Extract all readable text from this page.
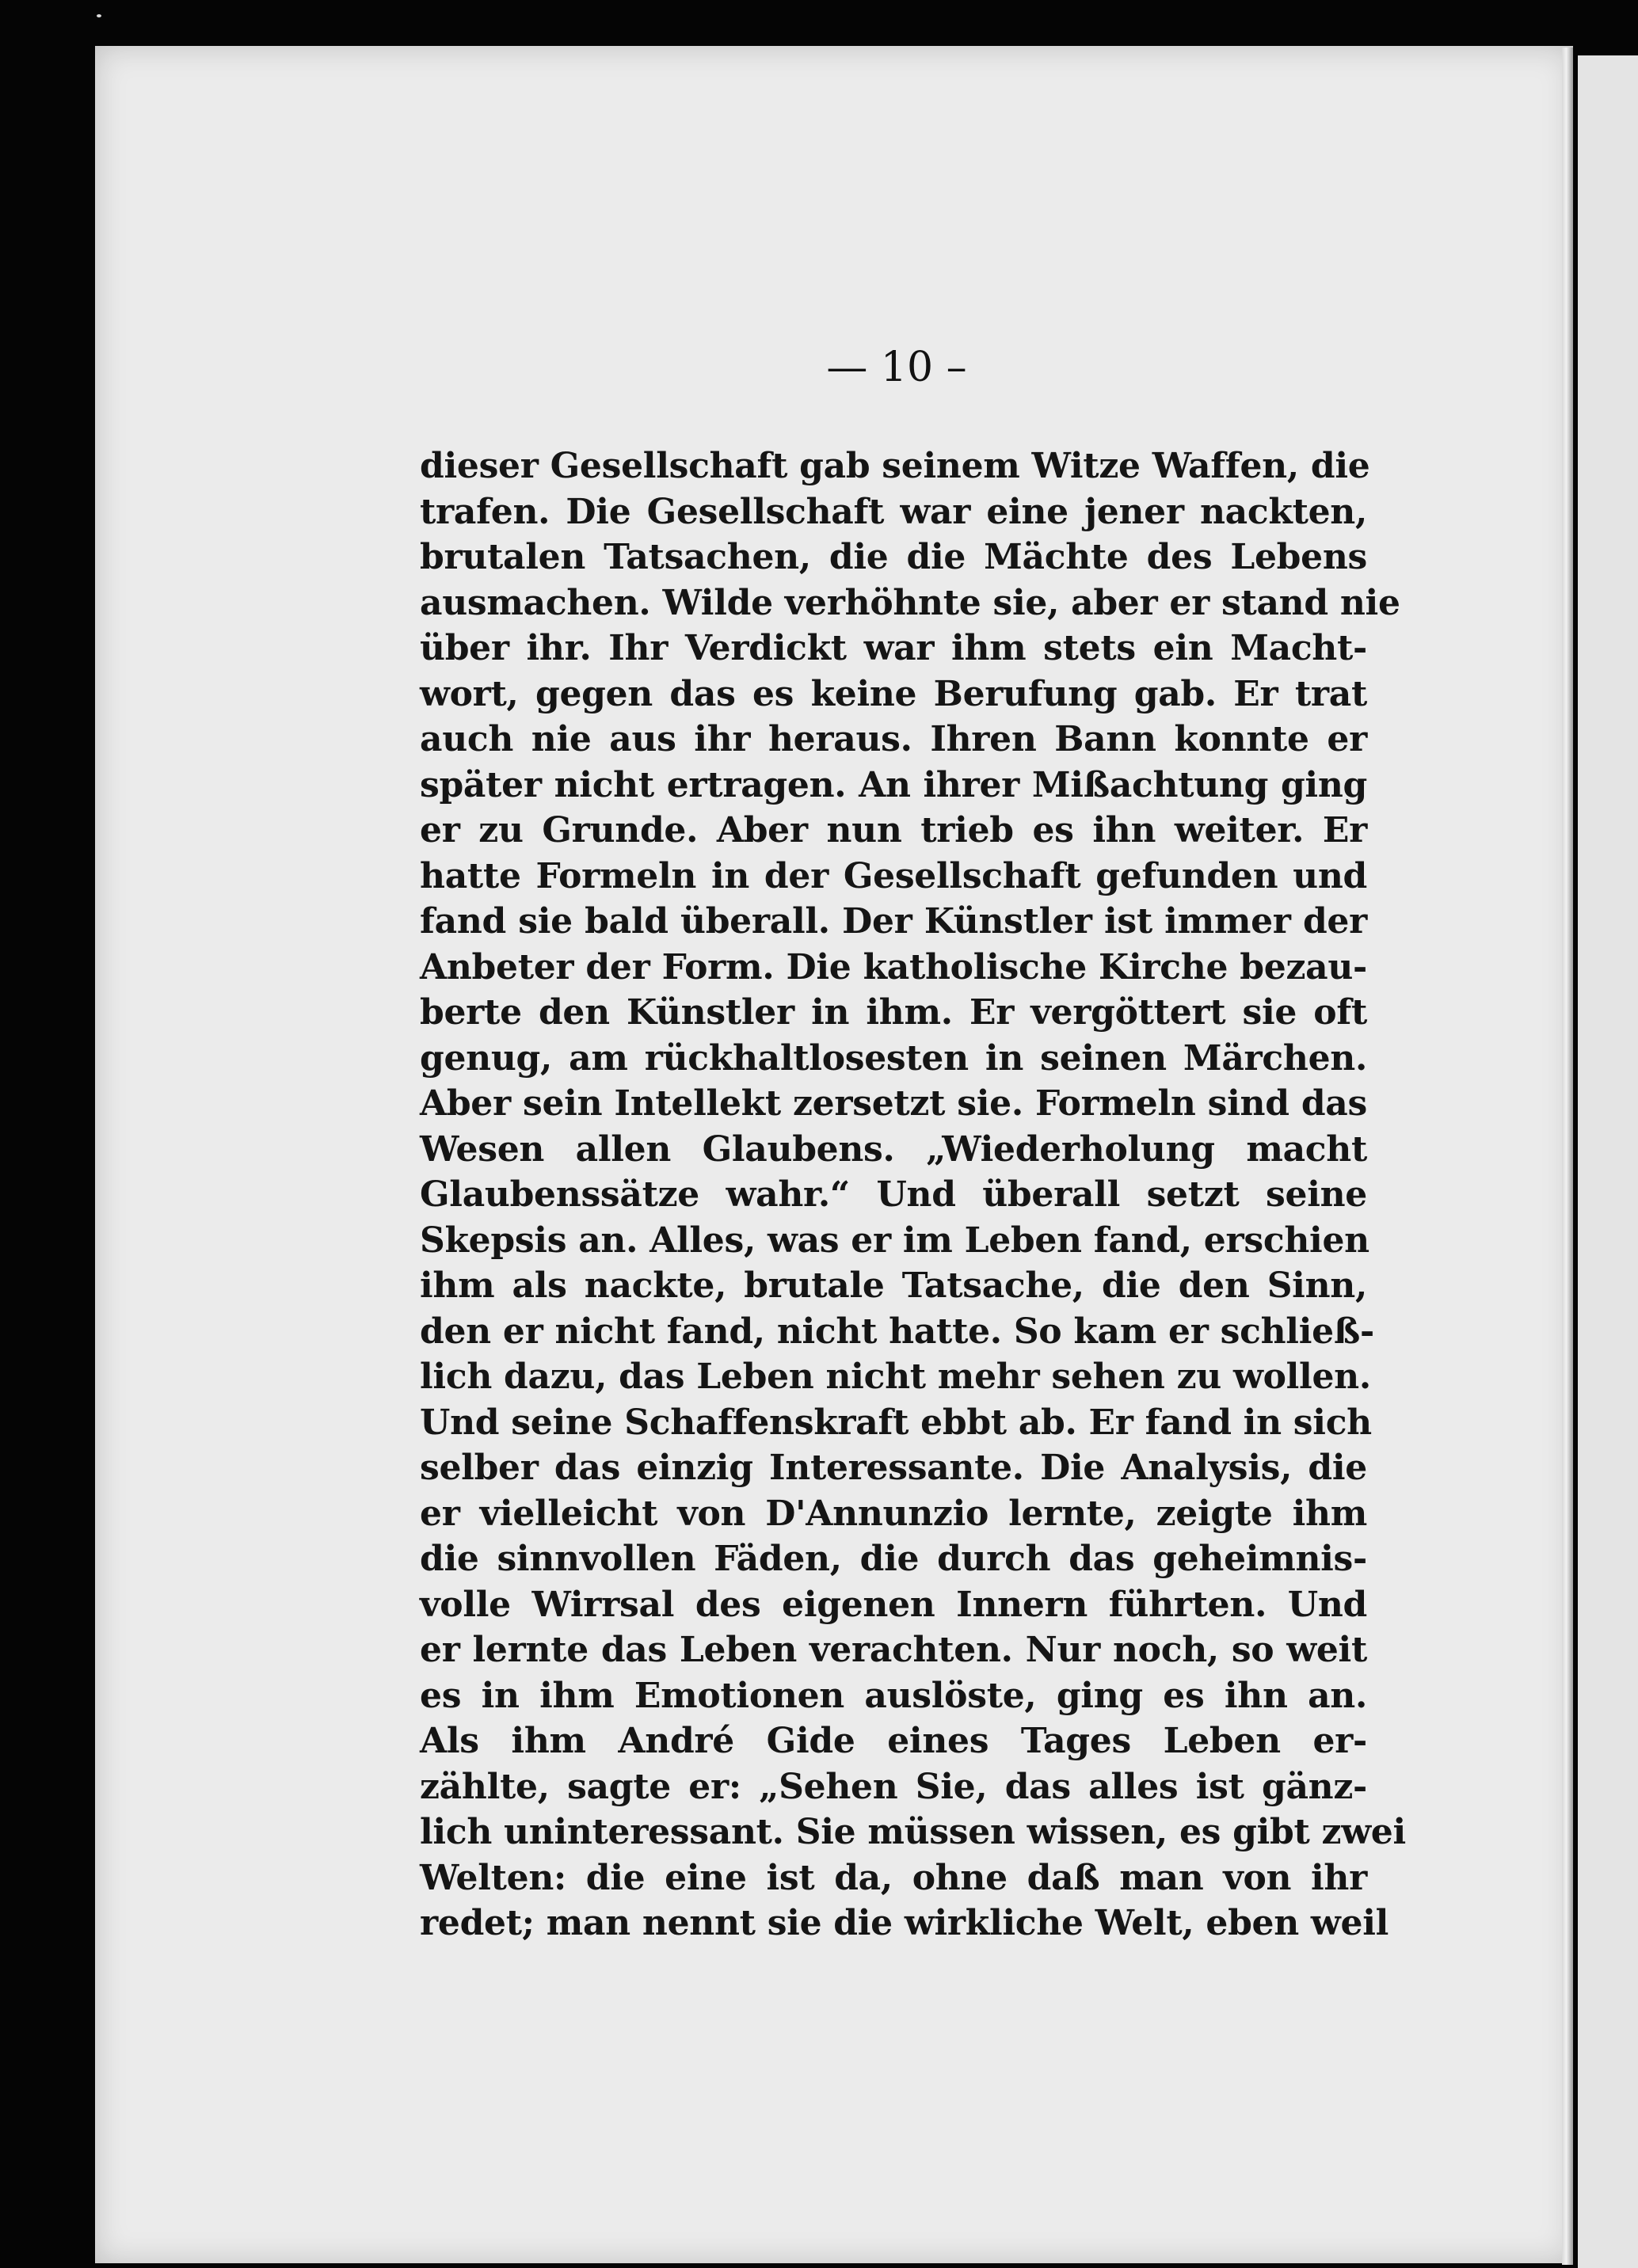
— 10 –

dieser Gesellschaft gab seinem Witze Waffen, die
trafen. Die Gesellschaft war eine jener nackten,
brutalen Tatsachen, die die Mächte des Lebens
ausmachen. Wilde verhöhnte sie, aber er stand nie
über ihr. Ihr Verdickt war ihm stets ein Macht-
wort, gegen das es keine Berufung gab. Er trat
auch nie aus ihr heraus. Ihren Bann konnte er
später nicht ertragen. An ihrer Mißachtung ging
er zu Grunde. Aber nun trieb es ihn weiter. Er
hatte Formeln in der Gesellschaft gefunden und
fand sie bald überall. Der Künstler ist immer der
Anbeter der Form. Die katholische Kirche bezau-
berte den Künstler in ihm. Er vergöttert sie oft
genug, am rückhaltlosesten in seinen Märchen.
Aber sein Intellekt zersetzt sie. Formeln sind das
Wesen allen Glaubens. „Wiederholung macht
Glaubenssätze wahr.“ Und überall setzt seine
Skepsis an. Alles, was er im Leben fand, erschien
ihm als nackte, brutale Tatsache, die den Sinn,
den er nicht fand, nicht hatte. So kam er schließ-
lich dazu, das Leben nicht mehr sehen zu wollen.
Und seine Schaffenskraft ebbt ab. Er fand in sich
selber das einzig Interessante. Die Analysis, die
er vielleicht von D'Annunzio lernte, zeigte ihm
die sinnvollen Fäden, die durch das geheimnis-
volle Wirrsal des eigenen Innern führten. Und
er lernte das Leben verachten. Nur noch, so weit
es in ihm Emotionen auslöste, ging es ihn an.
Als ihm André Gide eines Tages Leben er-
zählte, sagte er: „Sehen Sie, das alles ist gänz-
lich uninteressant. Sie müssen wissen, es gibt zwei
Welten: die eine ist da, ohne daß man von ihr
redet; man nennt sie die wirkliche Welt, eben weil
